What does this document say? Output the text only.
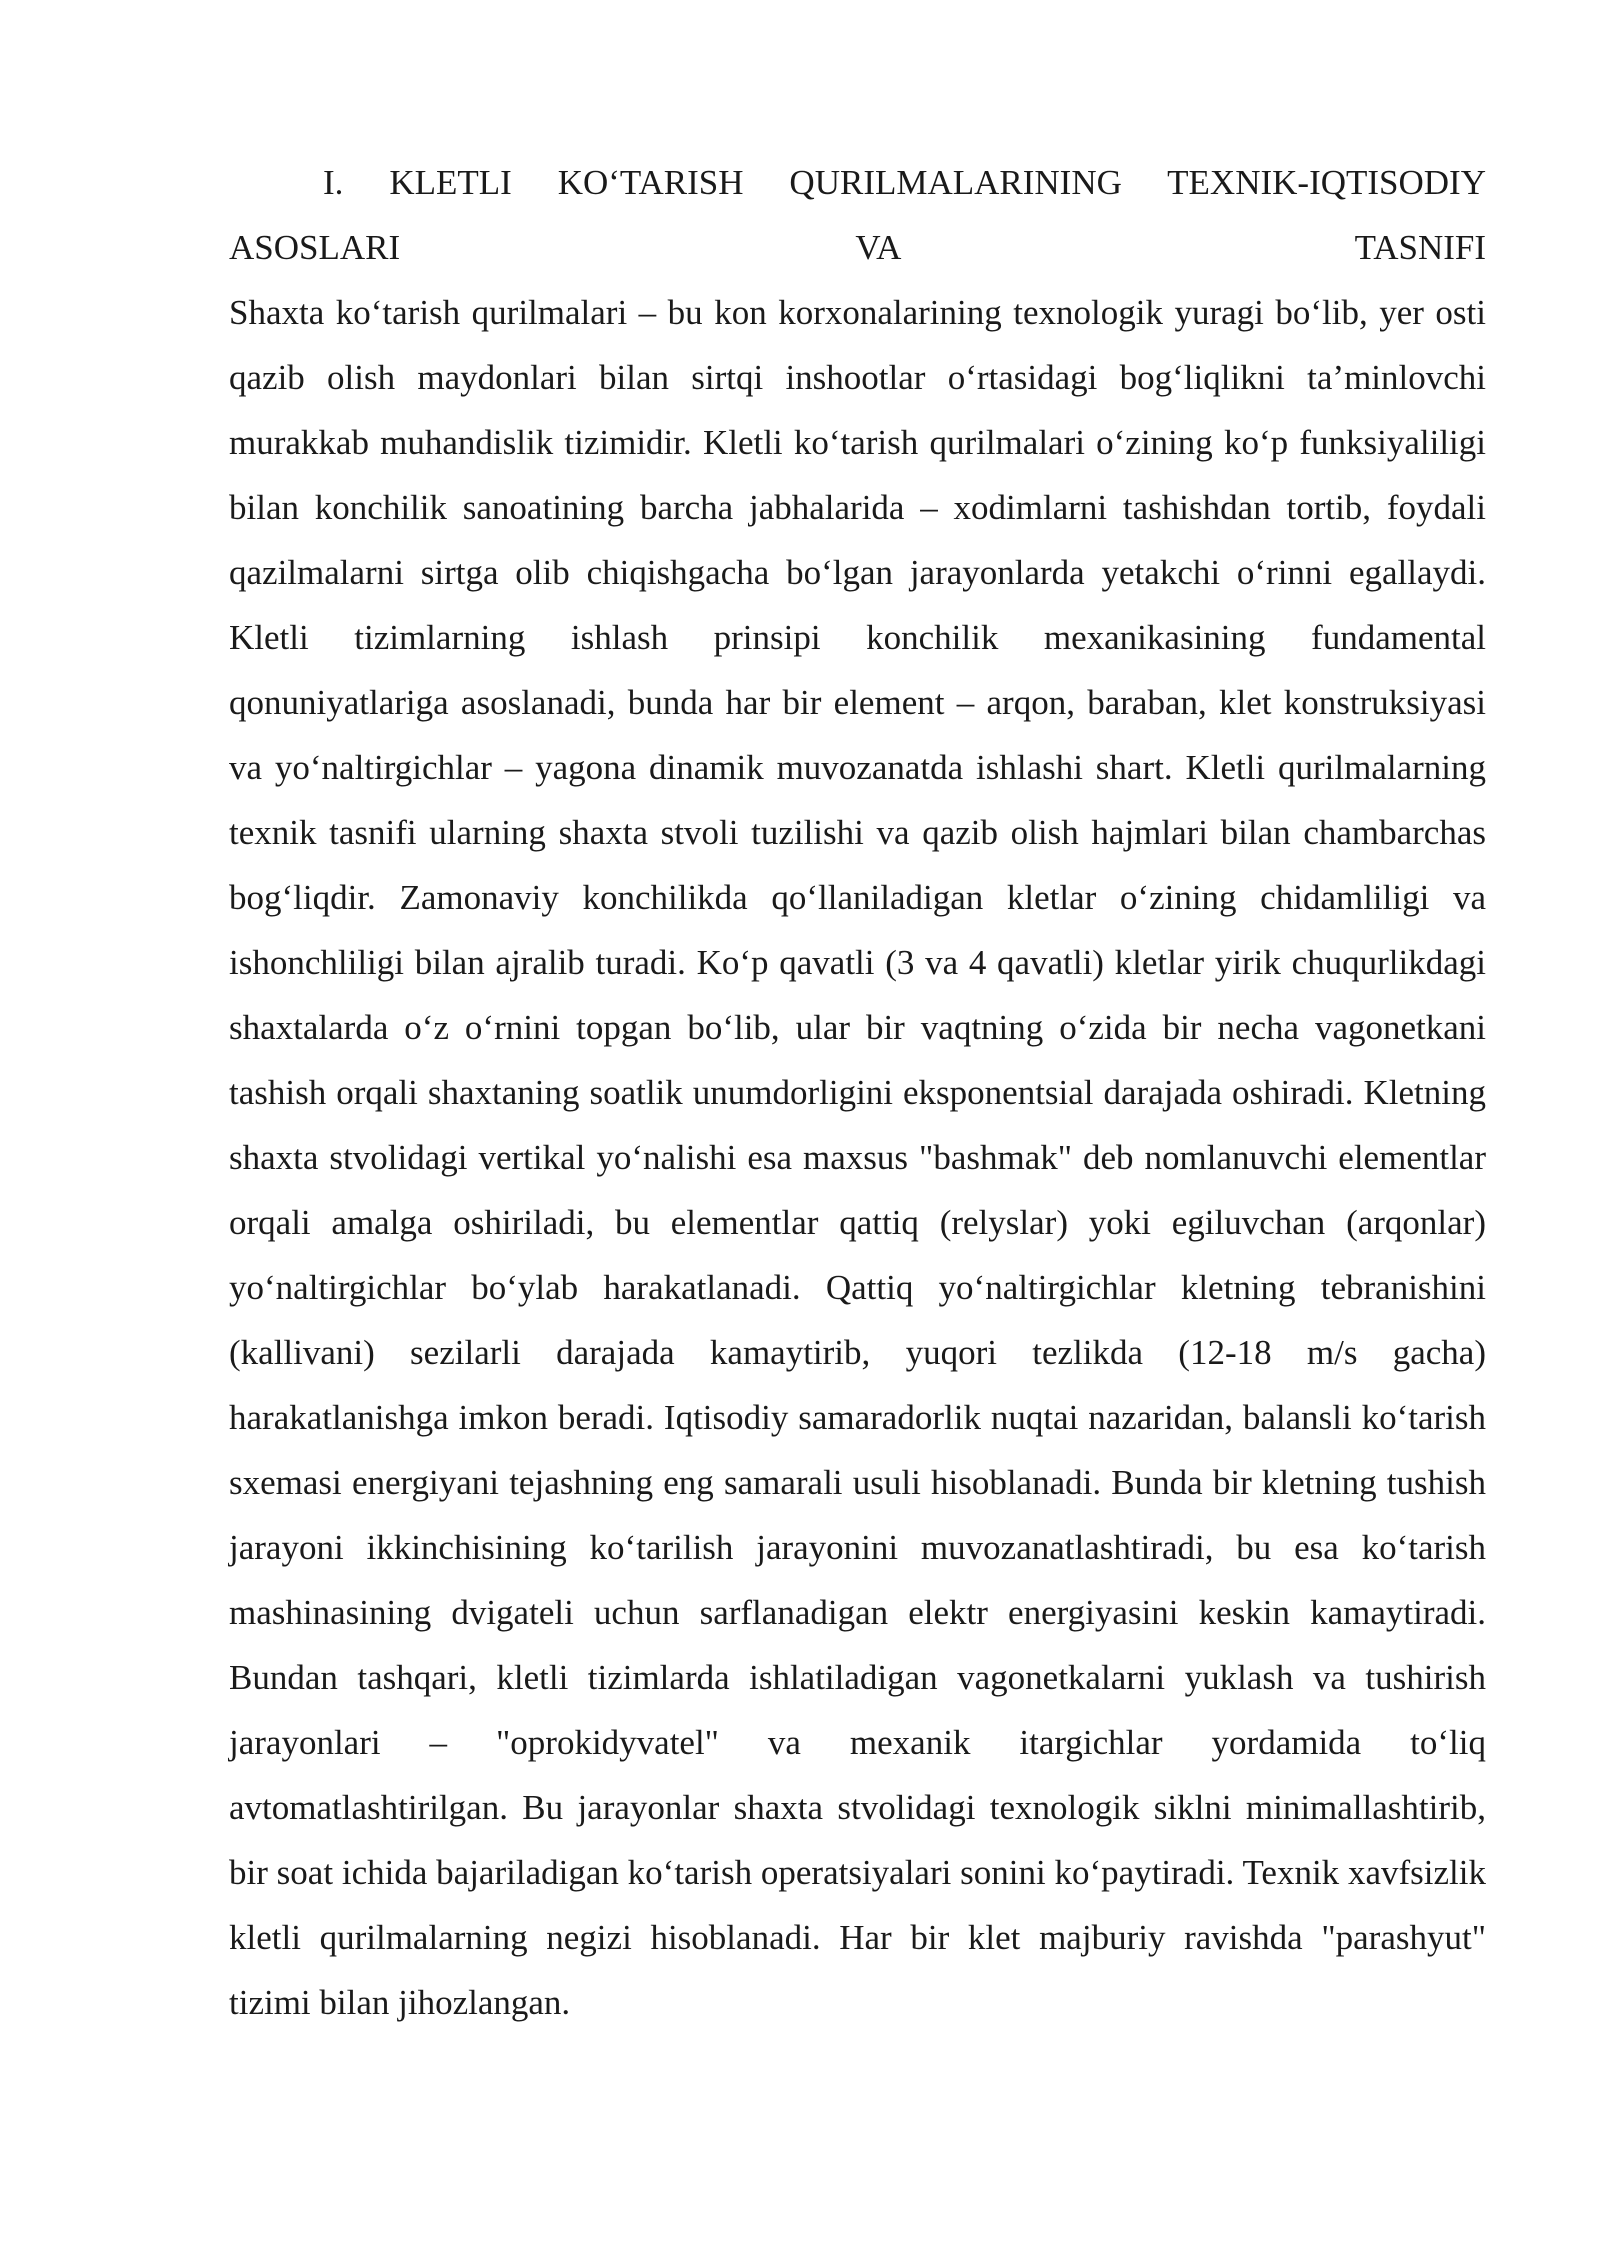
I. KLETLI KO‘TARISH QURILMALARINING TEXNIK-IQTISODIY ASOSLARI VA TASNIFI

Shaxta ko‘tarish qurilmalari – bu kon korxonalarining texnologik yuragi bo‘lib, yer osti qazib olish maydonlari bilan sirtqi inshootlar o‘rtasidagi bog‘liqlikni ta’minlovchi murakkab muhandislik tizimidir. Kletli ko‘tarish qurilmalari o‘zining ko‘p funksiyaliligi bilan konchilik sanoatining barcha jabhalarida – xodimlarni tashishdan tortib, foydali qazilmalarni sirtga olib chiqishgacha bo‘lgan jarayonlarda yetakchi o‘rinni egallaydi. Kletli tizimlarning ishlash prinsipi konchilik mexanikasining fundamental qonuniyatlariga asoslanadi, bunda har bir element – arqon, baraban, klet konstruksiyasi va yo‘naltirgichlar – yagona dinamik muvozanatda ishlashi shart. Kletli qurilmalarning texnik tasnifi ularning shaxta stvoli tuzilishi va qazib olish hajmlari bilan chambarchas bog‘liqdir. Zamonaviy konchilikda qo‘llaniladigan kletlar o‘zining chidamliligi va ishonchliligi bilan ajralib turadi. Ko‘p qavatli (3 va 4 qavatli) kletlar yirik chuqurlikdagi shaxtalarda o‘z o‘rnini topgan bo‘lib, ular bir vaqtning o‘zida bir necha vagonetkani tashish orqali shaxtaning soatlik unumdorligini eksponentsial darajada oshiradi. Kletning shaxta stvolidagi vertikal yo‘nalishi esa maxsus "bashmak" deb nomlanuvchi elementlar orqali amalga oshiriladi, bu elementlar qattiq (relyslar) yoki egiluvchan (arqonlar) yo‘naltirgichlar bo‘ylab harakatlanadi. Qattiq yo‘naltirgichlar kletning tebranishini (kallivani) sezilarli darajada kamaytirib, yuqori tezlikda (12-18 m/s gacha) harakatlanishga imkon beradi. Iqtisodiy samaradorlik nuqtai nazaridan, balansli ko‘tarish sxemasi energiyani tejashning eng samarali usuli hisoblanadi. Bunda bir kletning tushish jarayoni ikkinchisining ko‘tarilish jarayonini muvozanatlashtiradi, bu esa ko‘tarish mashinasining dvigateli uchun sarflanadigan elektr energiyasini keskin kamaytiradi. Bundan tashqari, kletli tizimlarda ishlatiladigan vagonetkalarni yuklash va tushirish jarayonlari – "oprokidyvatel" va mexanik itargichlar yordamida to‘liq avtomatlashtirilgan. Bu jarayonlar shaxta stvolidagi texnologik siklni minimallashtirib, bir soat ichida bajariladigan ko‘tarish operatsiyalari sonini ko‘paytiradi. Texnik xavfsizlik kletli qurilmalarning negizi hisoblanadi. Har bir klet majburiy ravishda "parashyut" tizimi bilan jihozlangan.
